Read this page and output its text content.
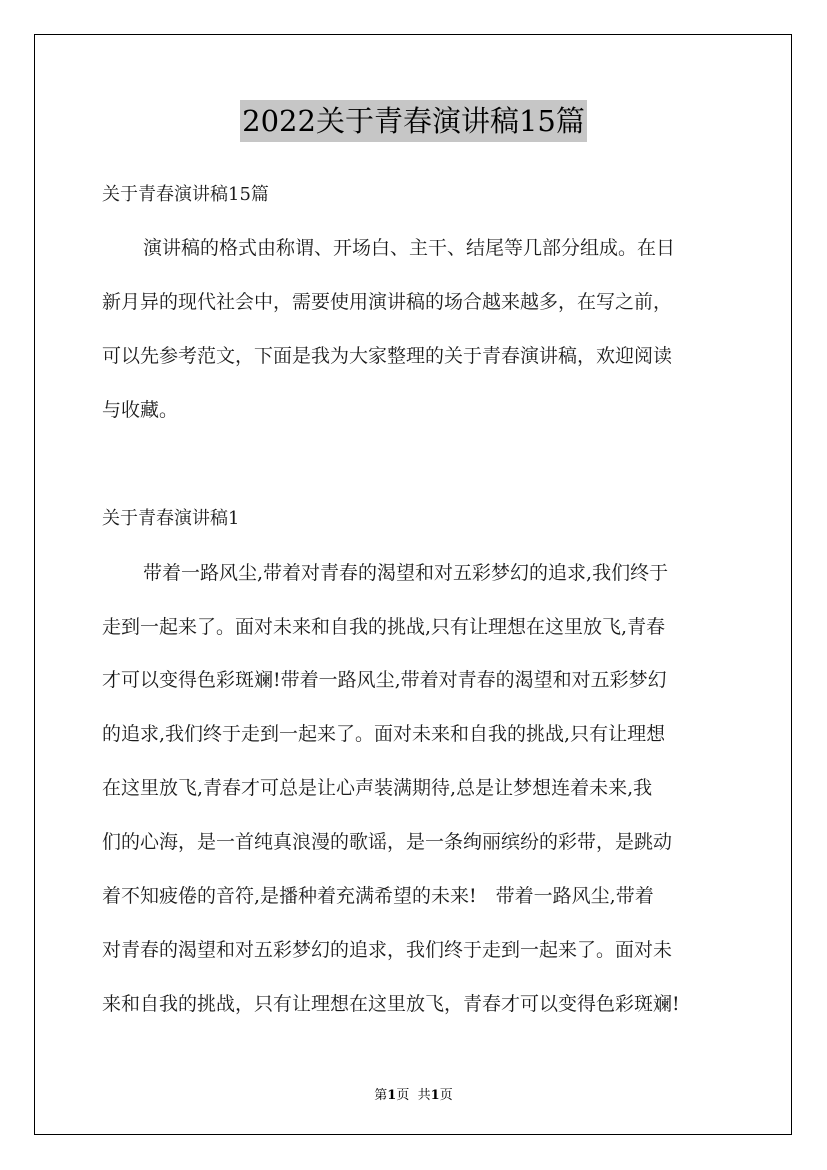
2022关于青春演讲稿15篇
关于青春演讲稿15篇
演讲稿的格式由称谓、开场白、主干、结尾等几部分组成。在日
新月异的现代社会中，需要使用演讲稿的场合越来越多，在写之前，
可以先参考范文，下面是我为大家整理的关于青春演讲稿，欢迎阅读
与收藏。
关于青春演讲稿1
带着一路风尘,带着对青春的渴望和对五彩梦幻的追求,我们终于
走到一起来了。面对未来和自我的挑战,只有让理想在这里放飞,青春
才可以变得色彩斑斓!带着一路风尘,带着对青春的渴望和对五彩梦幻
的追求,我们终于走到一起来了。面对未来和自我的挑战,只有让理想
在这里放飞,青春才可总是让心声装满期待,总是让梦想连着未来,我
们的心海，是一首纯真浪漫的歌谣，是一条绚丽缤纷的彩带，是跳动
着不知疲倦的音符,是播种着充满希望的未来!　带着一路风尘,带着
对青春的渴望和对五彩梦幻的追求，我们终于走到一起来了。面对未
来和自我的挑战，只有让理想在这里放飞，青春才可以变得色彩斑斓!
第1页 共1页
